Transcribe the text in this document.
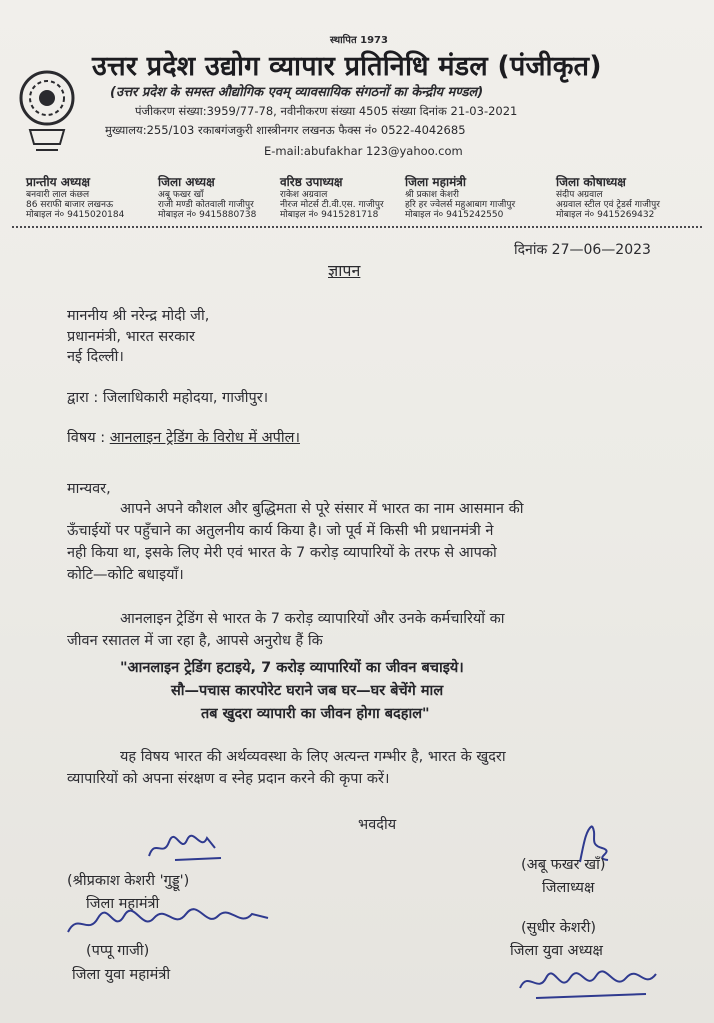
स्थापित 1973
उत्तर प्रदेश उद्योग व्यापार प्रतिनिधि मंडल (पंजीकृत)
(उत्तर प्रदेश के समस्त औद्योगिक एवम् व्यावसायिक संगठनों का केन्द्रीय मण्डल)
पंजीकरण संख्या:3959/77-78, नवीनीकरण संख्या 4505 संख्या दिनांक 21-03-2021
मुख्यालय:255/103 रकाबगंजकुरी शास्त्रीनगर लखनऊ फैक्स नं० 0522-4042685
E-mail:abufakhar 123@yahoo.com
प्रान्तीय अध्यक्ष
बनवारी लाल कंछल
86 सराफी बाजार लखनऊ
मोबाइल नं० 9415020184
जिला अध्यक्ष
अबू फखर खाँ
राजी मण्डी कोतवाली गाजीपुर
मोबाइल नं० 9415880738
वरिष्ठ उपाध्यक्ष
राकेश अग्रवाल
नीरज मोटर्स टी.वी.एस. गाजीपुर
मोबाइल नं० 9415281718
जिला महामंत्री
श्री प्रकाश केशरी
हरि हर ज्वेलर्स महुआबाग गाजीपुर
मोबाइल नं० 9415242550
जिला कोषाध्यक्ष
संदीप अग्रवाल
अग्रवाल स्टील एवं ट्रेडर्स गाजीपुर
मोबाइल नं० 9415269432
दिनांक 27—06—2023
ज्ञापन
माननीय श्री नरेन्द्र मोदी जी,
प्रधानमंत्री, भारत सरकार
नई दिल्ली।
द्वारा : जिलाधिकारी महोदया, गाजीपुर।
विषय : आनलाइन ट्रेडिंग के विरोध में अपील।
मान्यवर,
आपने अपने कौशल और बुद्धिमता से पूरे संसार में भारत का नाम आसमान की
ऊँचाईयों पर पहुँचाने का अतुलनीय कार्य किया है। जो पूर्व में किसी भी प्रधानमंत्री ने
नही किया था, इसके लिए मेरी एवं भारत के 7 करोड़ व्यापारियों के तरफ से आपको
कोटि—कोटि बधाइयाँ।
आनलाइन ट्रेडिंग से भारत के 7 करोड़ व्यापारियों और उनके कर्मचारियों का
जीवन रसातल में जा रहा है, आपसे अनुरोध हैं कि
"आनलाइन ट्रेडिंग हटाइये, 7 करोड़ व्यापारियों का जीवन बचाइये।
सौ—पचास कारपोरेट घराने जब घर—घर बेचेंगे माल
तब खुदरा व्यापारी का जीवन होगा बदहाल"
यह विषय भारत की अर्थव्यवस्था के लिए अत्यन्त गम्भीर है, भारत के खुदरा
व्यापारियों को अपना संरक्षण व स्नेह प्रदान करने की कृपा करें।
भवदीय
(श्रीप्रकाश केशरी 'गुड्डू')
जिला महामंत्री
(पप्पू गाजी)
जिला युवा महामंत्री
(अबू फखर खाँ)
जिलाध्यक्ष
(सुधीर केशरी)
जिला युवा अध्यक्ष
